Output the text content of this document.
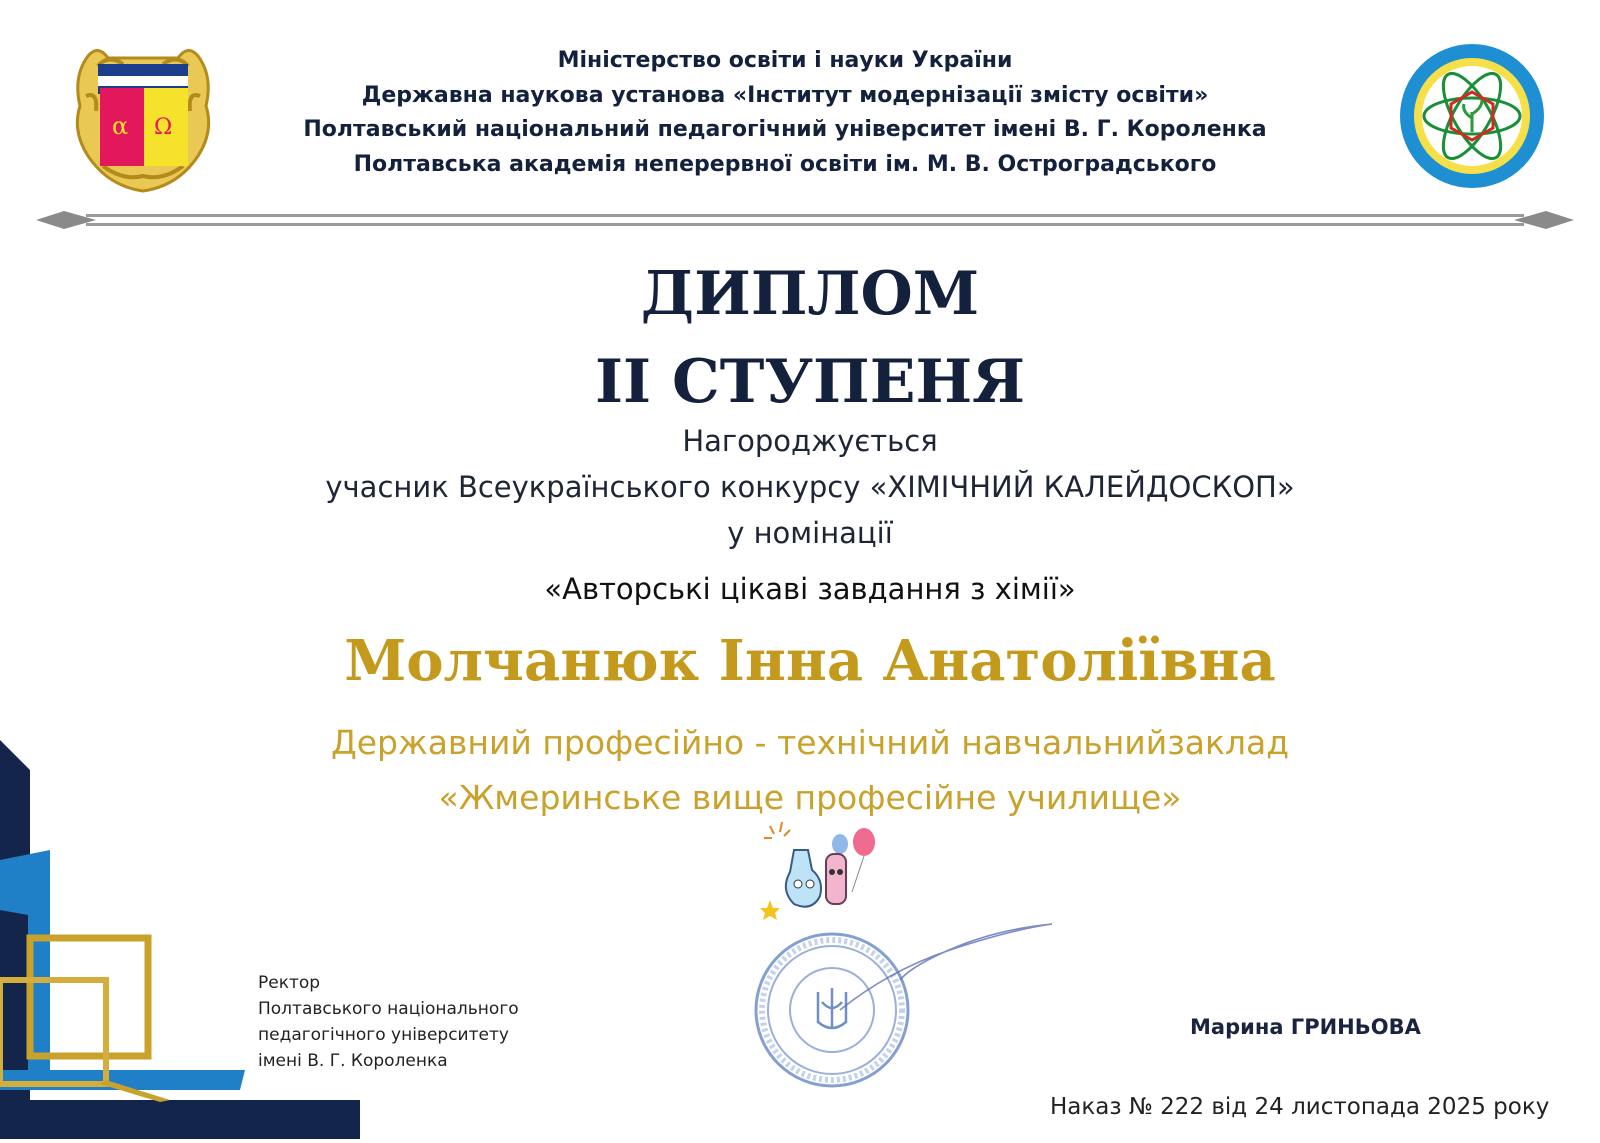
α Ω
Міністерство освіти і науки України
Державна наукова установа «Інститут модернізації змісту освіти»
Полтавський національний педагогічний університет імені В. Г. Короленка
Полтавська академія неперервної освіти ім. М. В. Остроградського
ДИПЛОМ
II СТУПЕНЯ
Нагороджується
учасник Всеукраїнського конкурсу «ХІМІЧНИЙ КАЛЕЙДОСКОП»
у номінації
«Авторські цікаві завдання з хімії»
Молчанюк Інна Анатоліївна
Державний професійно - технічний навчальнийзаклад
«Жмеринське вище професійне училище»
Ректор
Полтавського національного
педагогічного університету
імені В. Г. Короленка
Марина ГРИНЬОВА
Наказ № 222 від 24 листопада 2025 року
